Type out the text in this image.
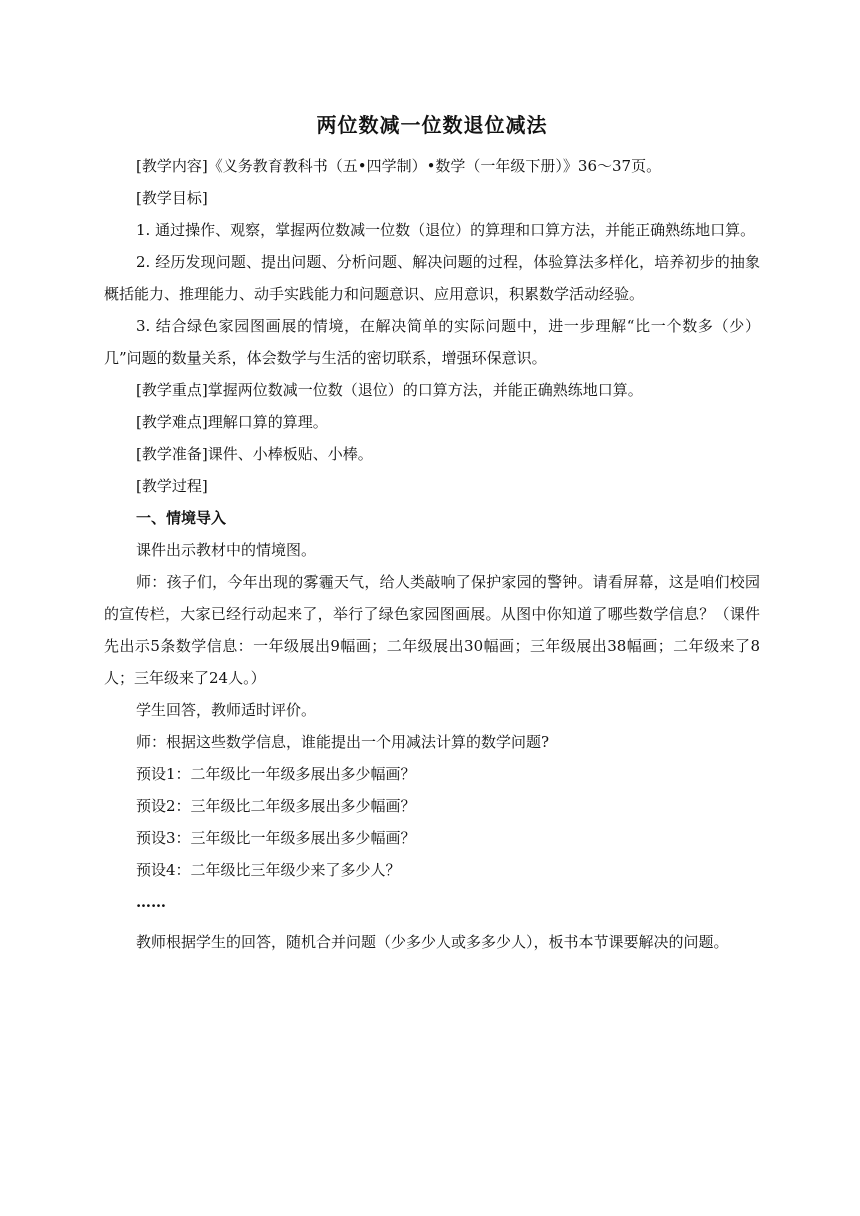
两位数减一位数退位减法

[教学内容]《义务教育教科书（五•四学制）•数学（一年级下册）》36～37页。

[教学目标]

1. 通过操作、观察，掌握两位数减一位数（退位）的算理和口算方法，并能正确熟练地口算。

2. 经历发现问题、提出问题、分析问题、解决问题的过程，体验算法多样化，培养初步的抽象概括能力、推理能力、动手实践能力和问题意识、应用意识，积累数学活动经验。

3. 结合绿色家园图画展的情境，在解决简单的实际问题中，进一步理解“比一个数多（少）几”问题的数量关系，体会数学与生活的密切联系，增强环保意识。

[教学重点]掌握两位数减一位数（退位）的口算方法，并能正确熟练地口算。

[教学难点]理解口算的算理。

[教学准备]课件、小棒板贴、小棒。

[教学过程]

一、情境导入

课件出示教材中的情境图。

师：孩子们，今年出现的雾霾天气，给人类敲响了保护家园的警钟。请看屏幕，这是咱们校园的宣传栏，大家已经行动起来了，举行了绿色家园图画展。从图中你知道了哪些数学信息？（课件先出示5条数学信息：一年级展出9幅画；二年级展出30幅画；三年级展出38幅画；二年级来了8人；三年级来了24人。）

学生回答，教师适时评价。

师：根据这些数学信息，谁能提出一个用减法计算的数学问题?

预设1：二年级比一年级多展出多少幅画？

预设2：三年级比二年级多展出多少幅画？

预设3：三年级比一年级多展出多少幅画？

预设4：二年级比三年级少来了多少人？

……

教师根据学生的回答，随机合并问题（少多少人或多多少人），板书本节课要解决的问题。
